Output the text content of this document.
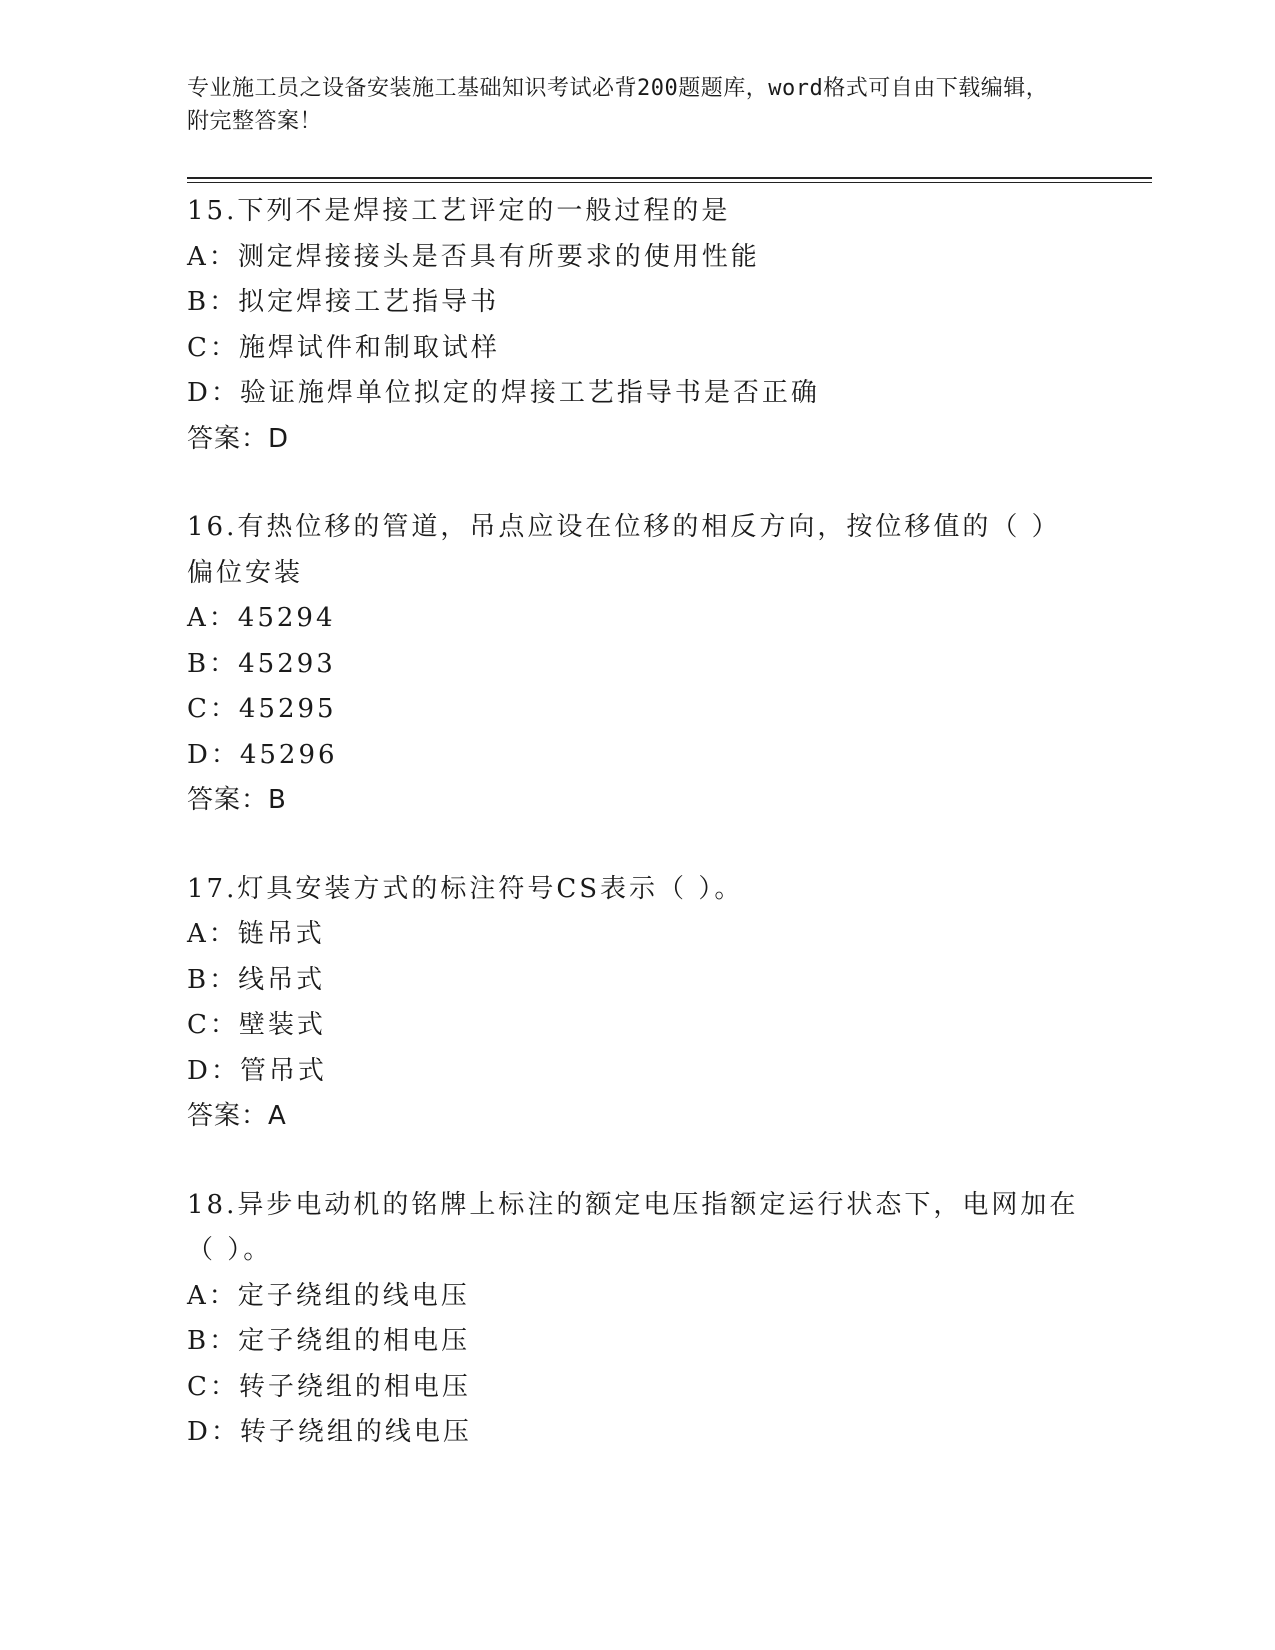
专业施工员之设备安装施工基础知识考试必背200题题库，word格式可自由下载编辑，附完整答案！
15.下列不是焊接工艺评定的一般过程的是
A：测定焊接接头是否具有所要求的使用性能
B：拟定焊接工艺指导书
C：施焊试件和制取试样
D：验证施焊单位拟定的焊接工艺指导书是否正确
答案：D
16.有热位移的管道，吊点应设在位移的相反方向，按位移值的（ ）偏位安装
A：45294
B：45293
C：45295
D：45296
答案：B
17.灯具安装方式的标注符号CS表示（ ）。
A：链吊式
B：线吊式
C：壁装式
D：管吊式
答案：A
18.异步电动机的铭牌上标注的额定电压指额定运行状态下，电网加在（ ）。
A：定子绕组的线电压
B：定子绕组的相电压
C：转子绕组的相电压
D：转子绕组的线电压
